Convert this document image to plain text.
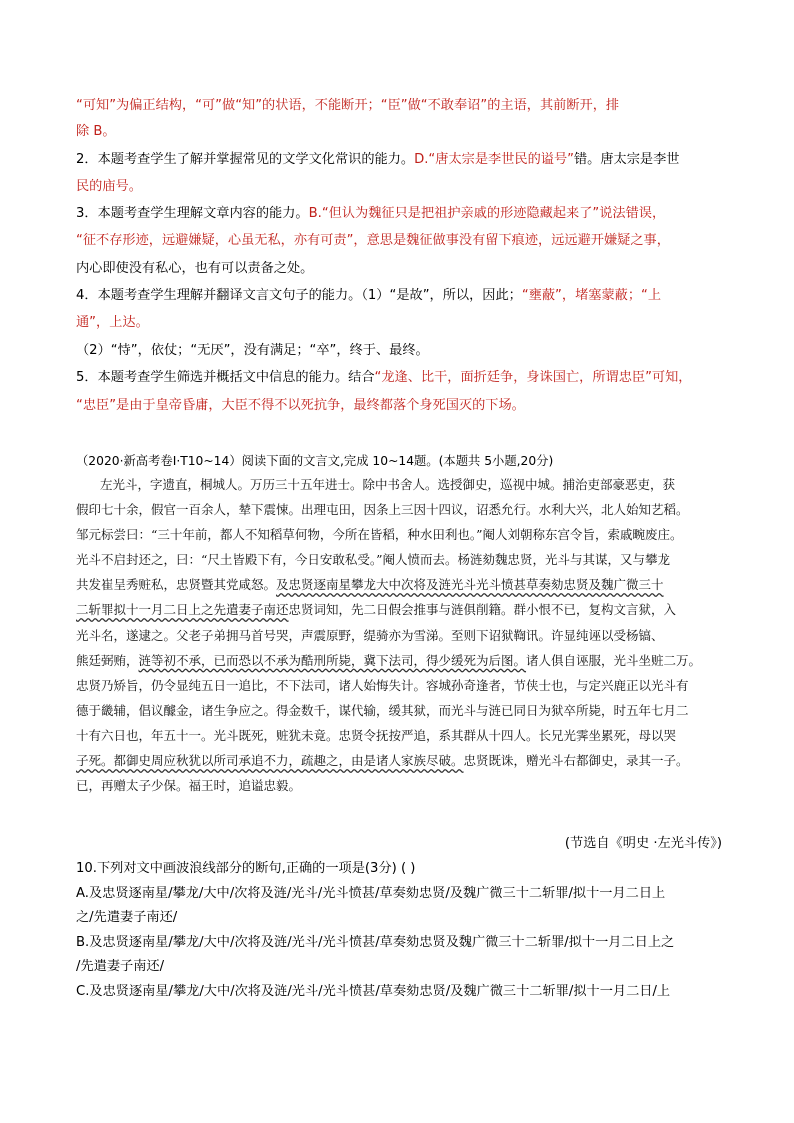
“可知”为偏正结构，“可”做“知”的状语，不能断开；“臣”做“不敢奉诏”的主语，其前断开，排
除 B。
2．本题考查学生了解并掌握常见的文学文化常识的能力。D.“唐太宗是李世民的谥号”错。唐太宗是李世
民的庙号。
3．本题考查学生理解文章内容的能力。B.“但认为魏征只是把祖护亲戚的形迹隐藏起来了”说法错误，
“征不存形迹，远避嫌疑，心虽无私，亦有可责”，意思是魏征做事没有留下痕迹，远远避开嫌疑之事，
内心即使没有私心，也有可以责备之处。
4．本题考查学生理解并翻译文言文句子的能力。（1）“是故”，所以，因此；“壅蔽”，堵塞蒙蔽；“上
通”，上达。
（2）“恃”，依仗；“无厌”，没有满足；“卒”，终于、最终。
5．本题考查学生筛选并概括文中信息的能力。结合“龙逢、比干，面折廷争，身诛国亡，所谓忠臣”可知，
“忠臣”是由于皇帝昏庸，大臣不得不以死抗争，最终都落个身死国灭的下场。
（2020·新高考卷Ⅰ·T10~14）阅读下面的文言文,完成 10~14题。(本题共 5小题,20分)
左光斗，字遗直，桐城人。万历三十五年进士。除中书舍人。选授御史，巡视中城。捕治吏部豪恶吏，获
假印七十余，假官一百余人，辇下震悚。出理屯田，因条上三因十四议，诏悉允行。水利大兴，北人始知艺稻。
邹元标尝曰：“三十年前，都人不知稻草何物，今所在皆稻，种水田利也。”阉人刘朝称东宫令旨，索戚畹废庄。
光斗不启封还之，曰：“尺土皆殿下有，今日安敢私受。”阉人愤而去。杨涟劾魏忠贤，光斗与其谋，又与攀龙
共发崔呈秀赃私，忠贤暨其党咸怒。及忠贤逐南星攀龙大中次将及涟光斗光斗愤甚草奏劾忠贤及魏广微三十
二斩罪拟十一月二日上之先遣妻子南还忠贤词知，先二日假会推事与涟俱削籍。群小恨不已，复构文言狱，入
光斗名，遂逮之。父老子弟拥马首号哭，声震原野，缇骑亦为雪涕。至则下诏狱鞫讯。许显纯诬以受杨镐、
熊廷弼贿，涟等初不承，已而恐以不承为酷刑所毙，冀下法司，得少缓死为后图。诸人俱自诬服，光斗坐赃二万。
忠贤乃矫旨，仍令显纯五日一追比，不下法司，诸人始悔失计。容城孙奇逢者，节侠士也，与定兴鹿正以光斗有
德于畿辅，倡议醵金，诸生争应之。得金数千，谋代输，缓其狱，而光斗与涟已同日为狱卒所毙，时五年七月二
十有六日也，年五十一。光斗既死，赃犹未竟。忠贤令抚按严追，系其群从十四人。长兄光霁坐累死，母以哭
子死。都御史周应秋犹以所司承追不力，疏趣之，由是诸人家族尽破。忠贤既诛，赠光斗右都御史，录其一子。
已，再赠太子少保。福王时，追谥忠毅。
(节选自《明史 ·左光斗传》)
10.下列对文中画波浪线部分的断句,正确的一项是(3分) ( )
A.及忠贤逐南星/攀龙/大中/次将及涟/光斗/光斗愤甚/草奏劾忠贤/及魏广微三十二斩罪/拟十一月二日上
之/先遣妻子南还/
B.及忠贤逐南星/攀龙/大中/次将及涟/光斗/光斗愤甚/草奏劾忠贤及魏广微三十二斩罪/拟十一月二日上之
/先遣妻子南还/
C.及忠贤逐南星/攀龙/大中/次将及涟/光斗/光斗愤甚/草奏劾忠贤/及魏广微三十二斩罪/拟十一月二日/上
